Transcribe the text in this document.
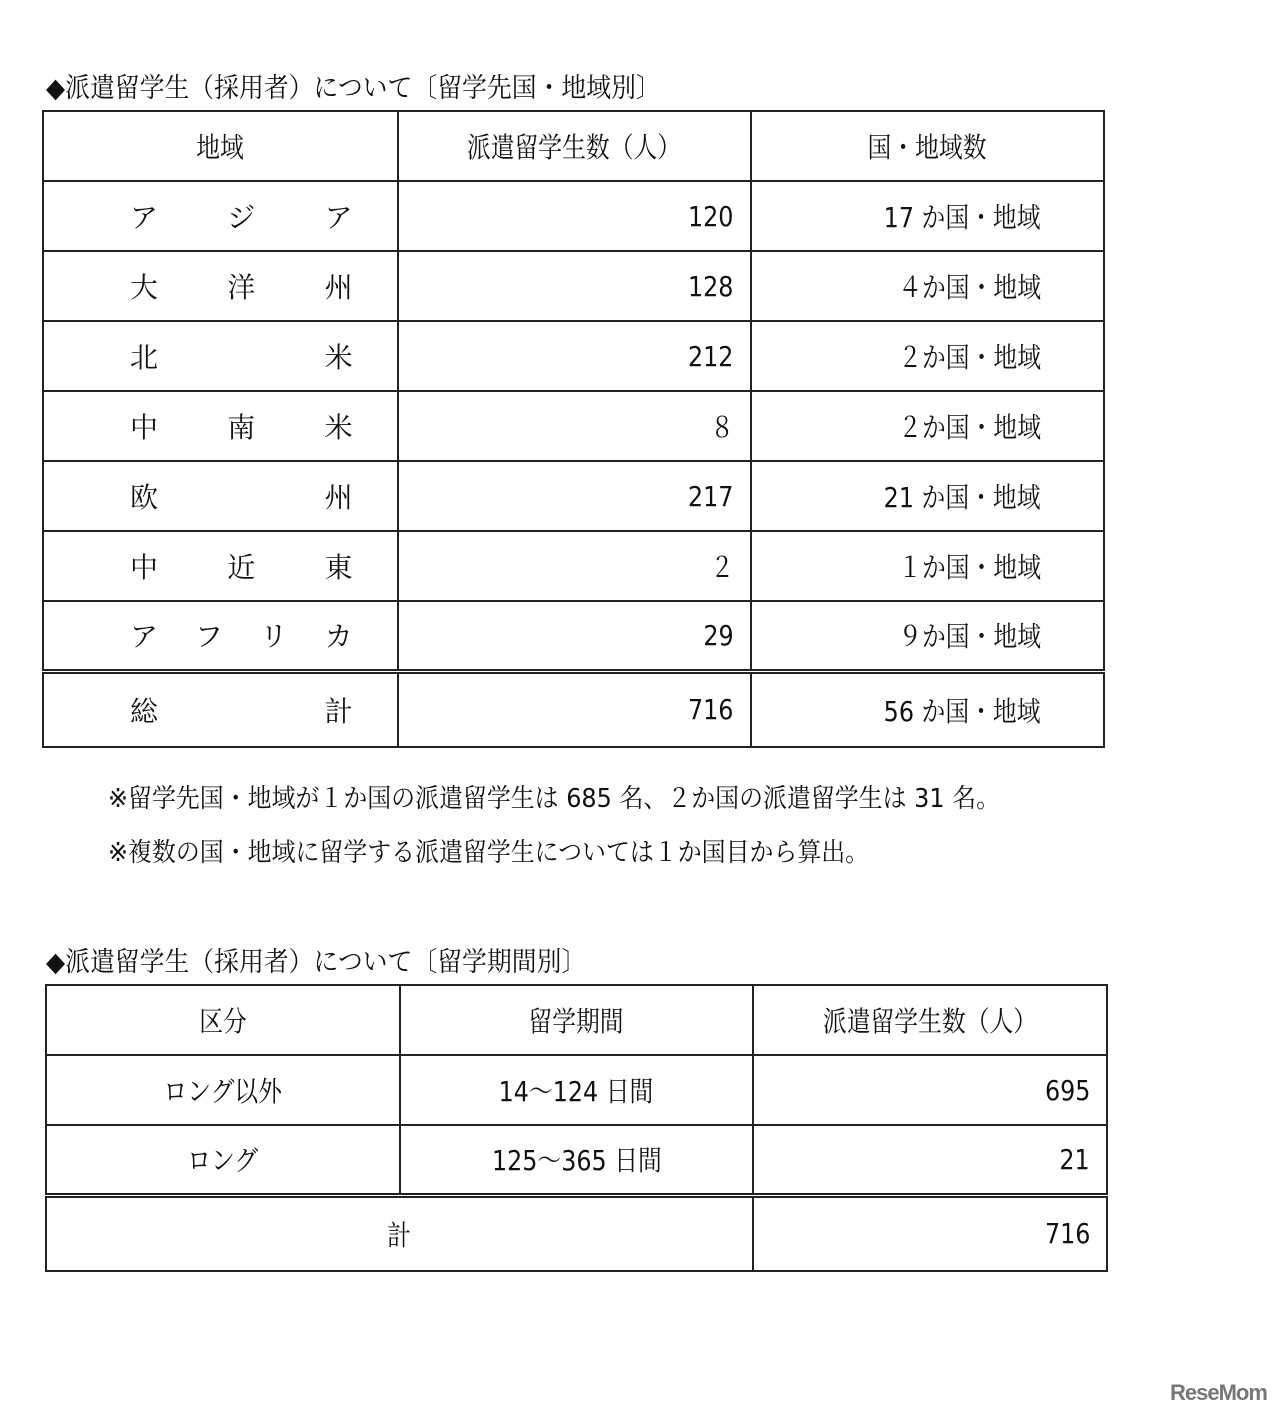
◆派遣留学生（採用者）について〔留学先国・地域別〕
地域	派遣留学生数（人）	国・地域数

ア ジ ア	120	17 か国・地域

大 洋 州	128	４か国・地域

北 米	212	２か国・地域

中 南 米	８	２か国・地域

欧 州	217	21 か国・地域

中 近 東	２	１か国・地域

ア フ リ カ	29	９か国・地域

総 計	716	56 か国・地域
※留学先国・地域が１か国の派遣留学生は 685 名、２か国の派遣留学生は 31 名。
※複数の国・地域に留学する派遣留学生については１か国目から算出。
◆派遣留学生（採用者）について〔留学期間別〕
区分	留学期間	派遣留学生数（人）
ロング以外	14～124 日間	695
ロング	125～365 日間	21
計		716
ReseMom
